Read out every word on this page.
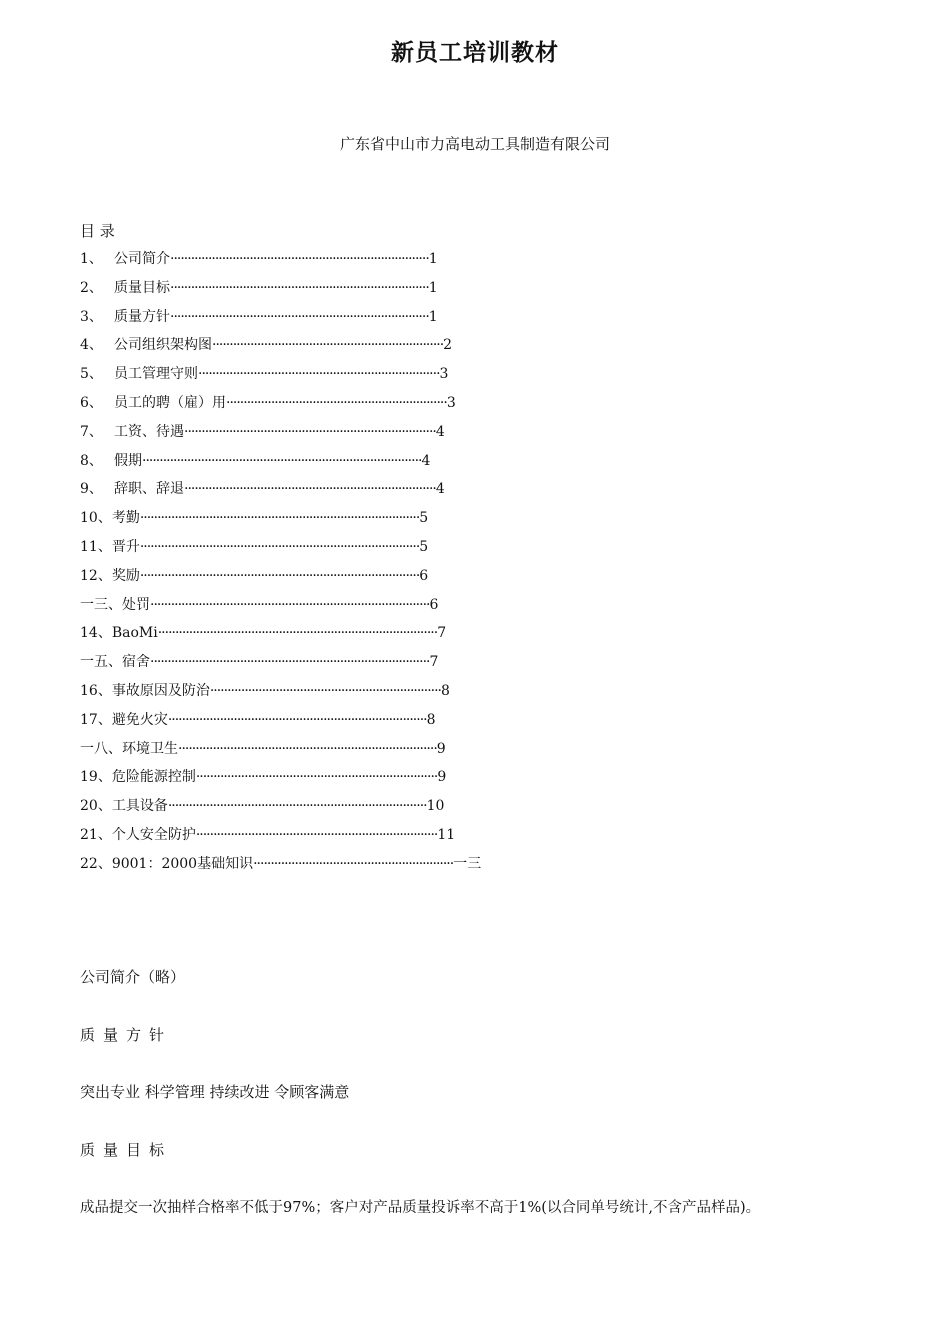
新员工培训教材
广东省中山市力高电动工具制造有限公司
目 录
1、 公司简介···········································································1
2、 质量目标···········································································1
3、 质量方针···········································································1
4、 公司组织架构图···································································2
5、 员工管理守则······································································3
6、 员工的聘（雇）用································································3
7、 工资、待遇·········································································4
8、 假期·················································································4
9、 辞职、辞退·········································································4
10、考勤·················································································5
11、晋升·················································································5
12、奖励·················································································6
一三、处罚·················································································6
14、BaoMi·················································································7
一五、宿舍·················································································7
16、事故原因及防治···································································8
17、避免火灾···········································································8
一八、环境卫生···········································································9
19、危险能源控制······································································9
20、工具设备···········································································10
21、个人安全防护······································································11
22、9001：2000基础知识··························································一三
公司简介（略）
质量方针
突出专业 科学管理 持续改进 令顾客满意
质量目标
成品提交一次抽样合格率不低于97%；客户对产品质量投诉率不高于1%(以合同单号统计,不含产品样品)。
